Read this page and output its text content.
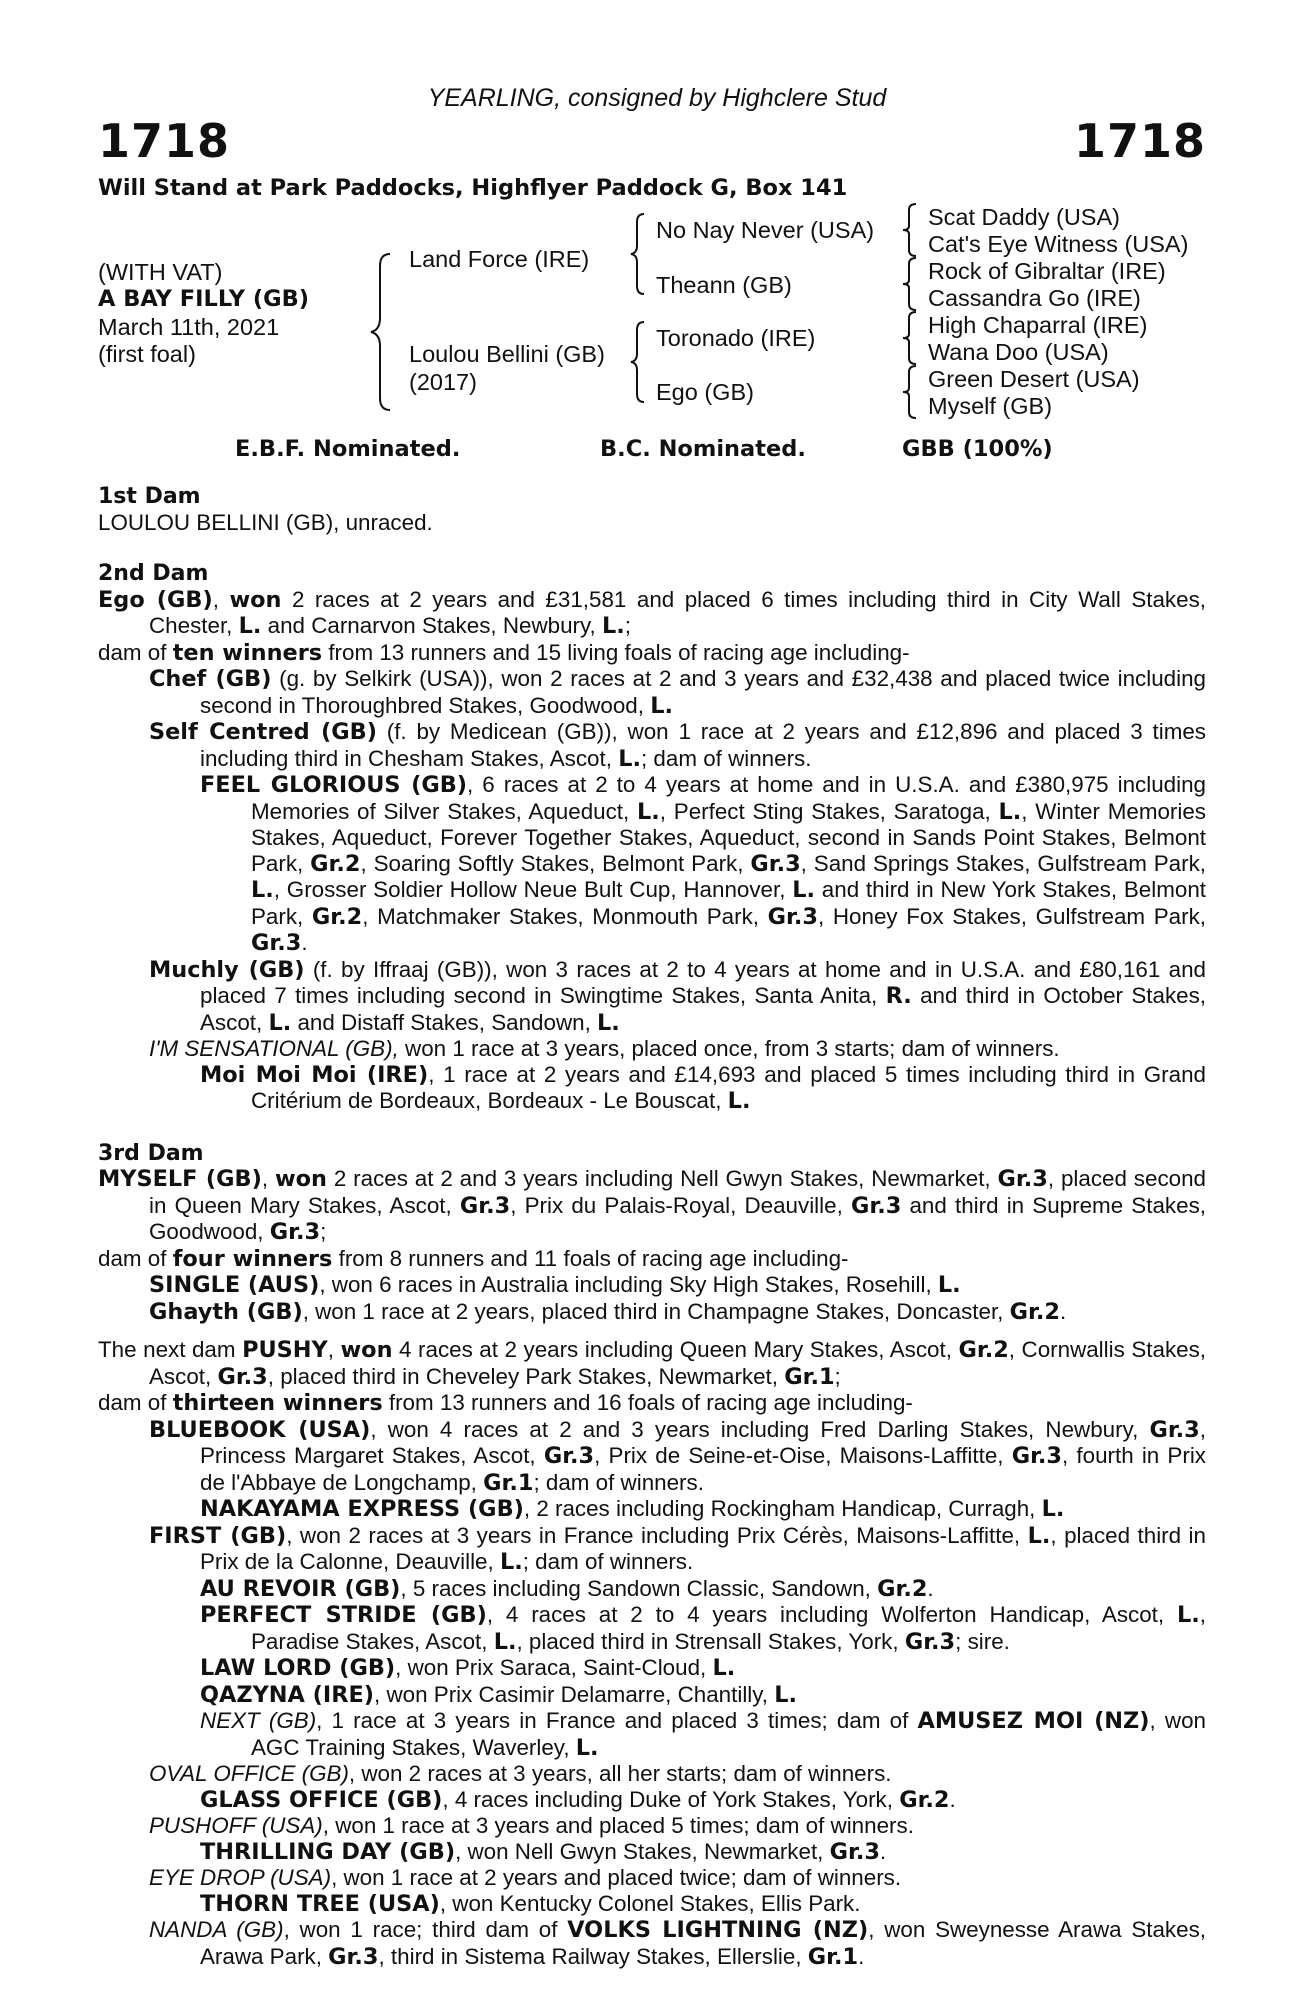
YEARLING, consigned by Highclere Stud
1718	1718
Will Stand at Park Paddocks, Highflyer Paddock G, Box 141
(WITH VAT)
A BAY FILLY (GB)
March 11th, 2021
(first foal)
Land Force (IRE)
Loulou Bellini (GB)
(2017)
No Nay Never (USA)
Theann (GB)
Toronado (IRE)
Ego (GB)
Scat Daddy (USA)
Cat's Eye Witness (USA)
Rock of Gibraltar (IRE)
Cassandra Go (IRE)
High Chaparral (IRE)
Wana Doo (USA)
Green Desert (USA)
Myself (GB)
E.B.F. Nominated.	B.C. Nominated.	GBB (100%)

1st Dam

LOULOU BELLINI (GB), unraced.

2nd Dam

Ego (GB), won 2 races at 2 years and £31,581 and placed 6 times including third in City Wall Stakes, Chester, L. and Carnarvon Stakes, Newbury, L.;

dam of ten winners from 13 runners and 15 living foals of racing age including-

Chef (GB) (g. by Selkirk (USA)), won 2 races at 2 and 3 years and £32,438 and placed twice including second in Thoroughbred Stakes, Goodwood, L.

Self Centred (GB) (f. by Medicean (GB)), won 1 race at 2 years and £12,896 and placed 3 times including third in Chesham Stakes, Ascot, L.; dam of winners.

FEEL GLORIOUS (GB), 6 races at 2 to 4 years at home and in U.S.A. and £380,975 including Memories of Silver Stakes, Aqueduct, L., Perfect Sting Stakes, Saratoga, L., Winter Memories Stakes, Aqueduct, Forever Together Stakes, Aqueduct, second in Sands Point Stakes, Belmont Park, Gr.2, Soaring Softly Stakes, Belmont Park, Gr.3, Sand Springs Stakes, Gulfstream Park, L., Grosser Soldier Hollow Neue Bult Cup, Hannover, L. and third in New York Stakes, Belmont Park, Gr.2, Matchmaker Stakes, Monmouth Park, Gr.3, Honey Fox Stakes, Gulfstream Park, Gr.3.

Muchly (GB) (f. by Iffraaj (GB)), won 3 races at 2 to 4 years at home and in U.S.A. and £80,161 and placed 7 times including second in Swingtime Stakes, Santa Anita, R. and third in October Stakes, Ascot, L. and Distaff Stakes, Sandown, L.

I'M SENSATIONAL (GB), won 1 race at 3 years, placed once, from 3 starts; dam of winners.

Moi Moi Moi (IRE), 1 race at 2 years and £14,693 and placed 5 times including third in Grand Critérium de Bordeaux, Bordeaux - Le Bouscat, L.

3rd Dam

MYSELF (GB), won 2 races at 2 and 3 years including Nell Gwyn Stakes, Newmarket, Gr.3, placed second in Queen Mary Stakes, Ascot, Gr.3, Prix du Palais-Royal, Deauville, Gr.3 and third in Supreme Stakes, Goodwood, Gr.3;

dam of four winners from 8 runners and 11 foals of racing age including-

SINGLE (AUS), won 6 races in Australia including Sky High Stakes, Rosehill, L.

Ghayth (GB), won 1 race at 2 years, placed third in Champagne Stakes, Doncaster, Gr.2.

The next dam PUSHY, won 4 races at 2 years including Queen Mary Stakes, Ascot, Gr.2, Cornwallis Stakes, Ascot, Gr.3, placed third in Cheveley Park Stakes, Newmarket, Gr.1;

dam of thirteen winners from 13 runners and 16 foals of racing age including-

BLUEBOOK (USA), won 4 races at 2 and 3 years including Fred Darling Stakes, Newbury, Gr.3, Princess Margaret Stakes, Ascot, Gr.3, Prix de Seine-et-Oise, Maisons-Laffitte, Gr.3, fourth in Prix de l'Abbaye de Longchamp, Gr.1; dam of winners.

NAKAYAMA EXPRESS (GB), 2 races including Rockingham Handicap, Curragh, L.

FIRST (GB), won 2 races at 3 years in France including Prix Cérès, Maisons-Laffitte, L., placed third in Prix de la Calonne, Deauville, L.; dam of winners.

AU REVOIR (GB), 5 races including Sandown Classic, Sandown, Gr.2.

PERFECT STRIDE (GB), 4 races at 2 to 4 years including Wolferton Handicap, Ascot, L., Paradise Stakes, Ascot, L., placed third in Strensall Stakes, York, Gr.3; sire.

LAW LORD (GB), won Prix Saraca, Saint-Cloud, L.

QAZYNA (IRE), won Prix Casimir Delamarre, Chantilly, L.

NEXT (GB), 1 race at 3 years in France and placed 3 times; dam of AMUSEZ MOI (NZ), won AGC Training Stakes, Waverley, L.

OVAL OFFICE (GB), won 2 races at 3 years, all her starts; dam of winners.

GLASS OFFICE (GB), 4 races including Duke of York Stakes, York, Gr.2.

PUSHOFF (USA), won 1 race at 3 years and placed 5 times; dam of winners.

THRILLING DAY (GB), won Nell Gwyn Stakes, Newmarket, Gr.3.

EYE DROP (USA), won 1 race at 2 years and placed twice; dam of winners.

THORN TREE (USA), won Kentucky Colonel Stakes, Ellis Park.

NANDA (GB), won 1 race; third dam of VOLKS LIGHTNING (NZ), won Sweynesse Arawa Stakes, Arawa Park, Gr.3, third in Sistema Railway Stakes, Ellerslie, Gr.1.
